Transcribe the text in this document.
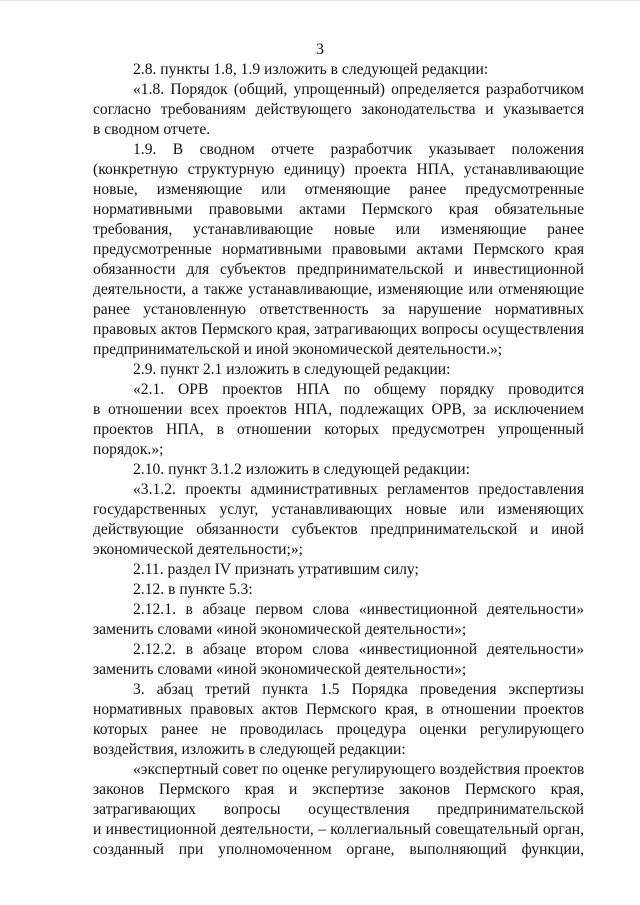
3
2.8. пункты 1.8, 1.9 изложить в следующей редакции:
«1.8. Порядок (общий, упрощенный) определяется разработчиком
согласно требованиям действующего законодательства и указывается
в сводном отчете.
1.9. В сводном отчете разработчик указывает положения
(конкретную структурную единицу) проекта НПА, устанавливающие
новые, изменяющие или отменяющие ранее предусмотренные
нормативными правовыми актами Пермского края обязательные
требования, устанавливающие новые или изменяющие ранее
предусмотренные нормативными правовыми актами Пермского края
обязанности для субъектов предпринимательской и инвестиционной
деятельности, а также устанавливающие, изменяющие или отменяющие
ранее установленную ответственность за нарушение нормативных
правовых актов Пермского края, затрагивающих вопросы осуществления
предпринимательской и иной экономической деятельности.»;
2.9. пункт 2.1 изложить в следующей редакции:
«2.1. ОРВ проектов НПА по общему порядку проводится
в отношении всех проектов НПА, подлежащих ОРВ, за исключением
проектов НПА, в отношении которых предусмотрен упрощенный
порядок.»;
2.10. пункт 3.1.2 изложить в следующей редакции:
«3.1.2. проекты административных регламентов предоставления
государственных услуг, устанавливающих новые или изменяющих
действующие обязанности субъектов предпринимательской и иной
экономической деятельности;»;
2.11. раздел IV признать утратившим силу;
2.12. в пункте 5.3:
2.12.1. в абзаце первом слова «инвестиционной деятельности»
заменить словами «иной экономической деятельности»;
2.12.2. в абзаце втором слова «инвестиционной деятельности»
заменить словами «иной экономической деятельности»;
3. абзац третий пункта 1.5 Порядка проведения экспертизы
нормативных правовых актов Пермского края, в отношении проектов
которых ранее не проводилась процедура оценки регулирующего
воздействия, изложить в следующей редакции:
«экспертный совет по оценке регулирующего воздействия проектов
законов Пермского края и экспертизе законов Пермского края,
затрагивающих вопросы осуществления предпринимательской
и инвестиционной деятельности, – коллегиальный совещательный орган,
созданный при уполномоченном органе, выполняющий функции,
